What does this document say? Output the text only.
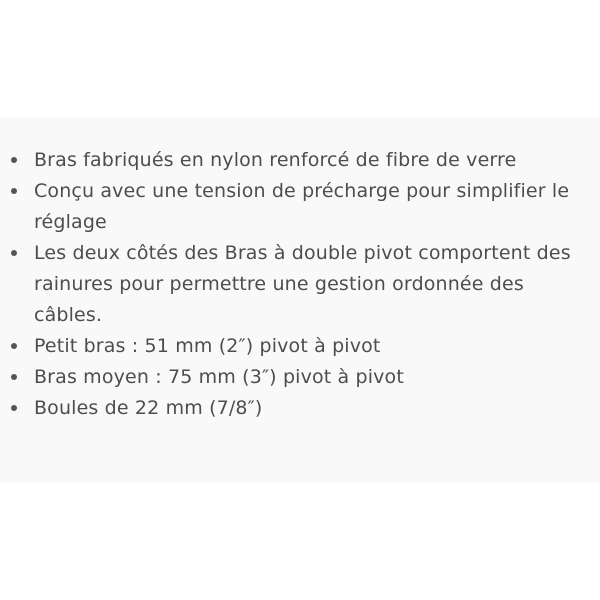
Bras fabriqués en nylon renforcé de fibre de verre
Conçu avec une tension de précharge pour simplifier le réglage
Les deux côtés des Bras à double pivot comportent des rainures pour permettre une gestion ordonnée des câbles.
Petit bras : 51 mm (2″) pivot à pivot
Bras moyen : 75 mm (3″) pivot à pivot
Boules de 22 mm (7/8″)
